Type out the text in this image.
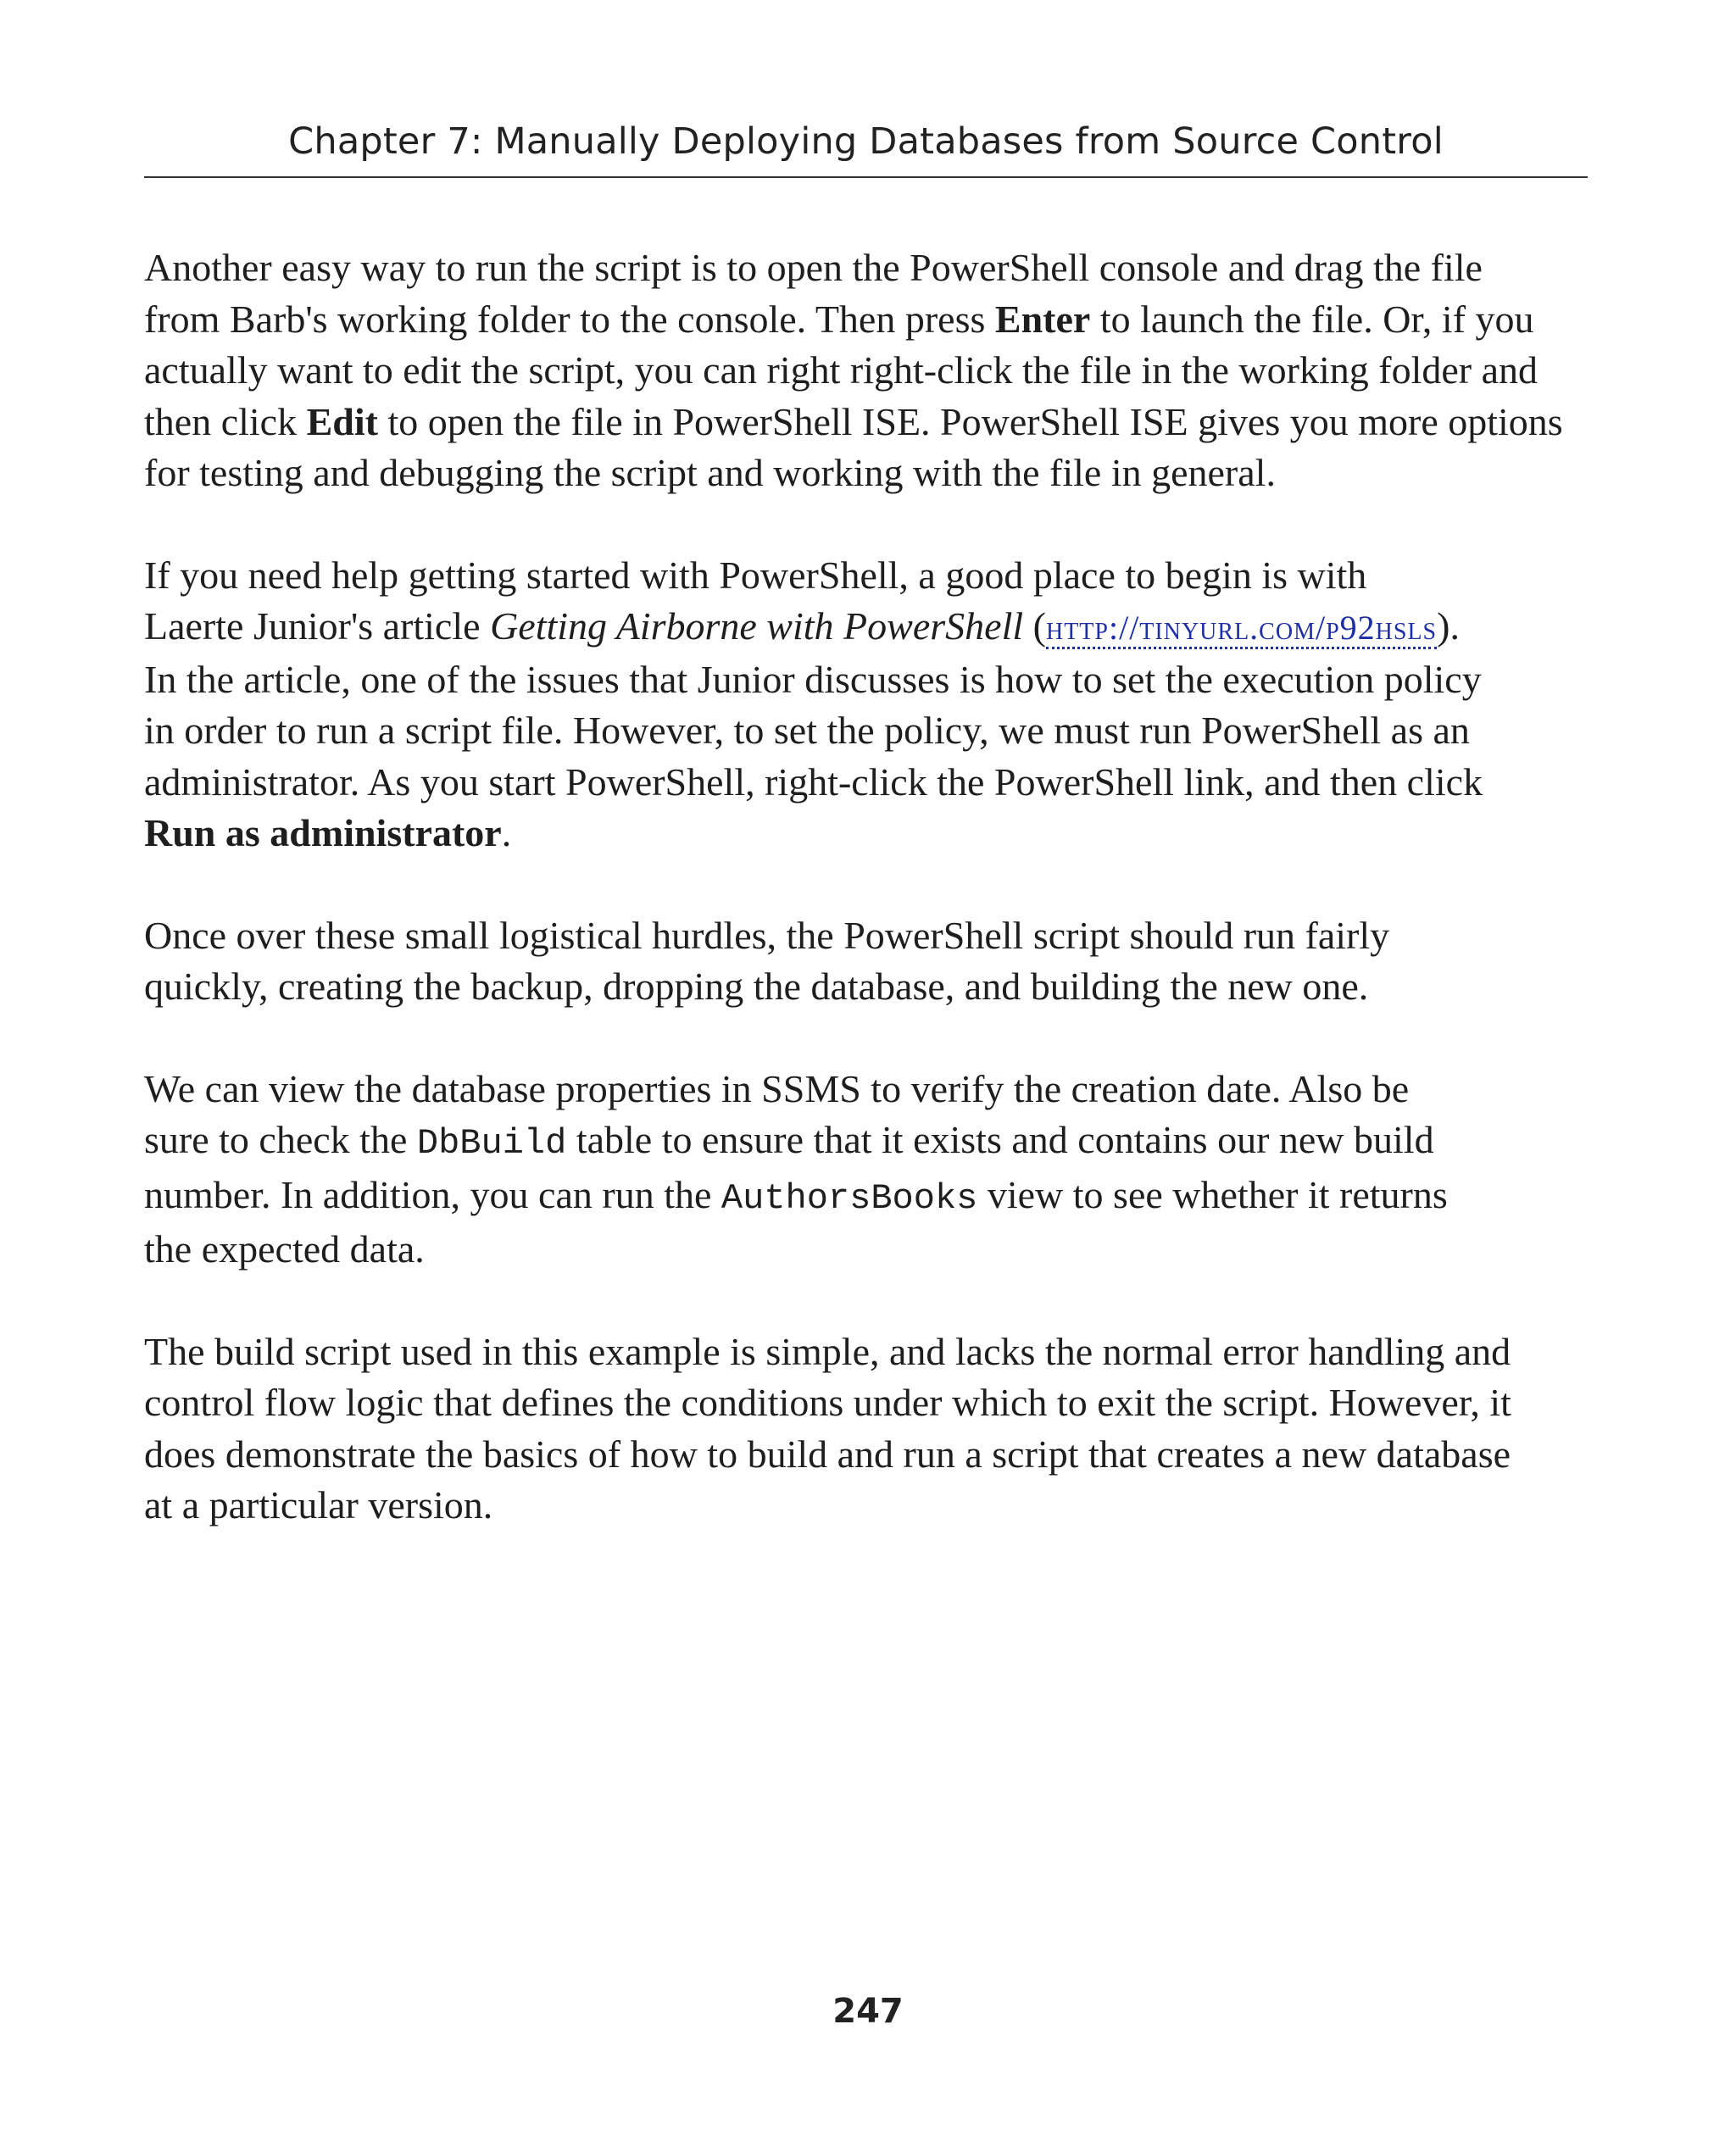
Chapter 7: Manually Deploying Databases from Source Control

Another easy way to run the script is to open the PowerShell console and drag the file
from Barb's working folder to the console. Then press Enter to launch the file. Or, if you
actually want to edit the script, you can right right-click the file in the working folder and
then click Edit to open the file in PowerShell ISE. PowerShell ISE gives you more options
for testing and debugging the script and working with the file in general.

If you need help getting started with PowerShell, a good place to begin is with
Laerte Junior's article Getting Airborne with PowerShell (http://tinyurl.com/p92hsls).
In the article, one of the issues that Junior discusses is how to set the execution policy
in order to run a script file. However, to set the policy, we must run PowerShell as an
administrator. As you start PowerShell, right-click the PowerShell link, and then click
Run as administrator.

Once over these small logistical hurdles, the PowerShell script should run fairly
quickly, creating the backup, dropping the database, and building the new one.

We can view the database properties in SSMS to verify the creation date. Also be
sure to check the DbBuild table to ensure that it exists and contains our new build
number. In addition, you can run the AuthorsBooks view to see whether it returns
the expected data.

The build script used in this example is simple, and lacks the normal error handling and
control flow logic that defines the conditions under which to exit the script. However, it
does demonstrate the basics of how to build and run a script that creates a new database
at a particular version.

247
